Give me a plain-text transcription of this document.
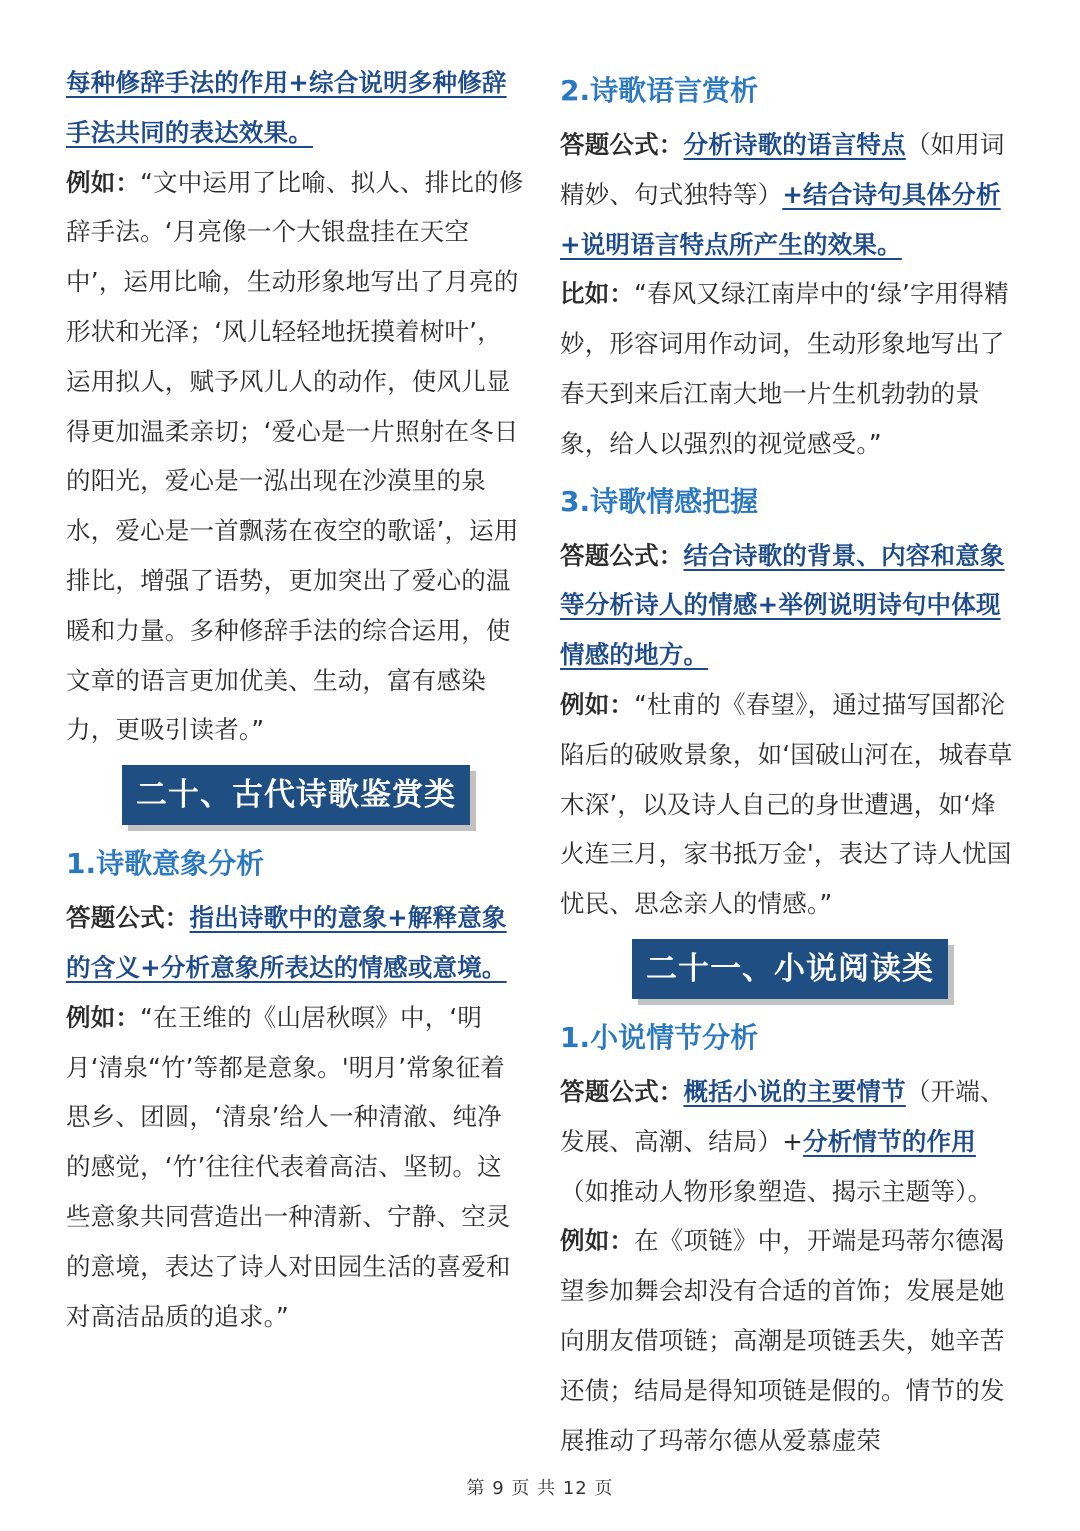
每种修辞手法的作用+综合说明多种修辞手法共同的表达效果。

例如：“文中运用了比喻、拟人、排比的修辞手法。‘月亮像一个大银盘挂在天空中’，运用比喻，生动形象地写出了月亮的形状和光泽；‘风儿轻轻地抚摸着树叶’，运用拟人，赋予风儿人的动作，使风儿显得更加温柔亲切；‘爱心是一片照射在冬日的阳光，爱心是一泓出现在沙漠里的泉水，爱心是一首飘荡在夜空的歌谣’，运用排比，增强了语势，更加突出了爱心的温暖和力量。多种修辞手法的综合运用，使文章的语言更加优美、生动，富有感染力，更吸引读者。”

二十、古代诗歌鉴赏类
1.诗歌意象分析

答题公式：指出诗歌中的意象+解释意象的含义+分析意象所表达的情感或意境。

例如：“在王维的《山居秋暝》中，‘明月‘清泉“竹’等都是意象。'明月’常象征着思乡、团圆，‘清泉’给人一种清澈、纯净的感觉，‘竹’往往代表着高洁、坚韧。这些意象共同营造出一种清新、宁静、空灵的意境，表达了诗人对田园生活的喜爱和对高洁品质的追求。”

2.诗歌语言赏析

答题公式：分析诗歌的语言特点（如用词精妙、句式独特等）+结合诗句具体分析+说明语言特点所产生的效果。

比如：“春风又绿江南岸中的‘绿’字用得精妙，形容词用作动词，生动形象地写出了春天到来后江南大地一片生机勃勃的景象，给人以强烈的视觉感受。”

3.诗歌情感把握

答题公式：结合诗歌的背景、内容和意象等分析诗人的情感+举例说明诗句中体现情感的地方。

例如：“杜甫的《春望》，通过描写国都沦陷后的破败景象，如‘国破山河在，城春草木深’，以及诗人自己的身世遭遇，如‘烽火连三月，家书抵万金'，表达了诗人忧国忧民、思念亲人的情感。”

二十一、小说阅读类
1.小说情节分析

答题公式：概括小说的主要情节（开端、发展、高潮、结局）+分析情节的作用（如推动人物形象塑造、揭示主题等）。

例如：在《项链》中，开端是玛蒂尔德渴望参加舞会却没有合适的首饰；发展是她向朋友借项链；高潮是项链丢失，她辛苦还债；结局是得知项链是假的。情节的发展推动了玛蒂尔德从爱慕虚荣

第 9 页 共 12 页
